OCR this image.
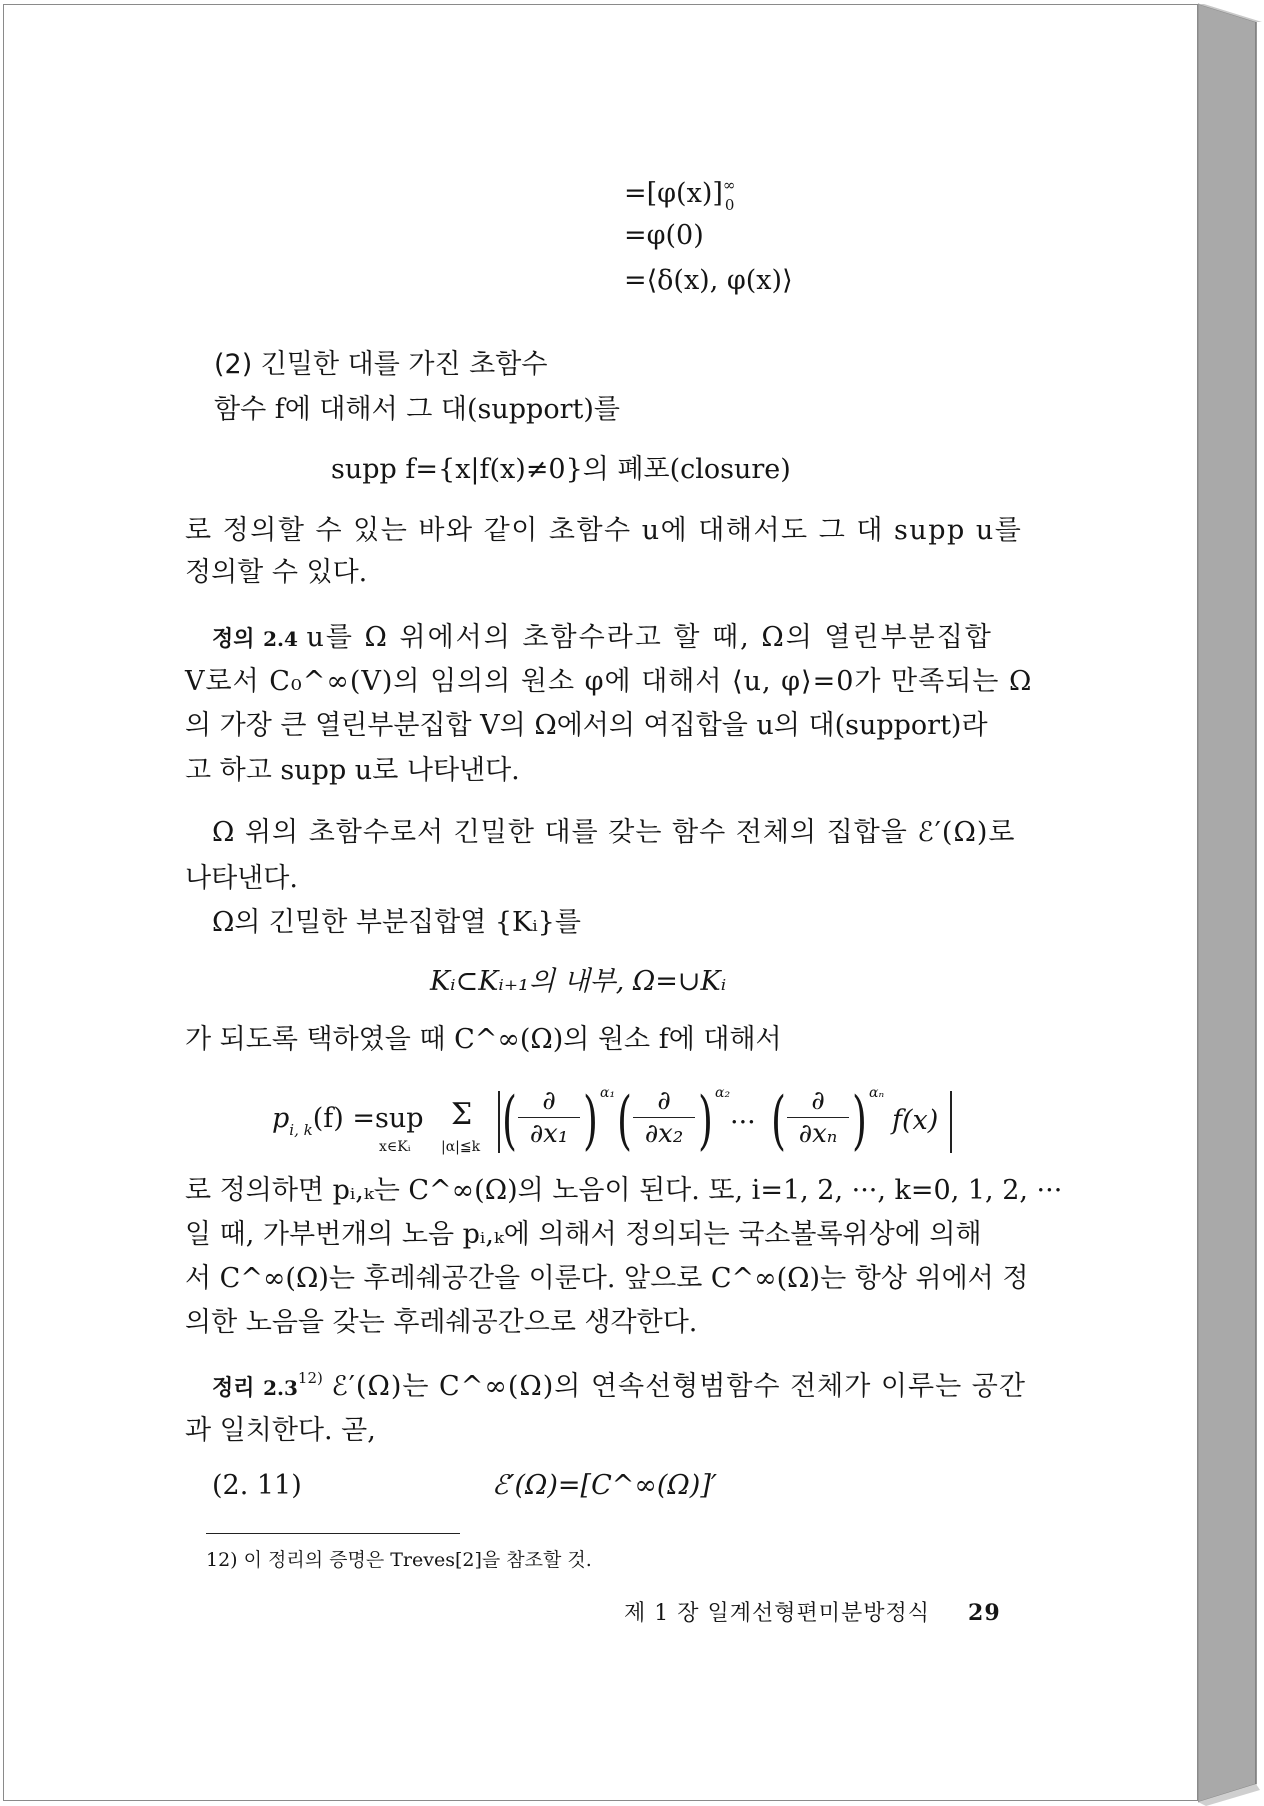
=[φ(x)] ∞
0
=φ(0)
=⟨δ(x), φ(x)⟩
(2) 긴밀한 대를 가진 초함수
함수 f에 대해서 그 대(support)를
supp f={x|f(x)≠0}의 폐포(closure)
로 정의할 수 있는 바와 같이 초함수 u에 대해서도 그 대 supp u를
정의할 수 있다.
정의 2.4 u를 Ω 위에서의 초함수라고 할 때, Ω의 열린부분집합
V로서 C₀^∞(V)의 임의의 원소 φ에 대해서 ⟨u, φ⟩=0가 만족되는 Ω
의 가장 큰 열린부분집합 V의 Ω에서의 여집합을 u의 대(support)라
고 하고 supp u로 나타낸다.
Ω 위의 초함수로서 긴밀한 대를 갖는 함수 전체의 집합을 ℰ′(Ω)로
나타낸다.
Ω의 긴밀한 부분집합열 {Kᵢ}를
Kᵢ⊂Kᵢ₊₁의 내부, Ω=∪Kᵢ
가 되도록 택하였을 때 C^∞(Ω)의 원소 f에 대해서
$p_{i, k}(f) =sup$
x∈Kᵢ
Σ
|α|≦k ( ∂
∂x₁ ) α₁ ( ∂
∂x₂ ) α₂
··· ( ∂
∂xₙ ) αₙ
f(x)
로 정의하면 pᵢ,ₖ는 C^∞(Ω)의 노음이 된다. 또, i=1, 2, ···, k=0, 1, 2, ···
일 때, 가부번개의 노음 pᵢ,ₖ에 의해서 정의되는 국소볼록위상에 의해
서 C^∞(Ω)는 후레쉐공간을 이룬다. 앞으로 C^∞(Ω)는 항상 위에서 정
의한 노음을 갖는 후레쉐공간으로 생각한다.
정리 2.3$^{12)}$ ℰ′(Ω)는 C^∞(Ω)의 연속선형범함수 전체가 이루는 공간
과 일치한다. 곧,
(2. 11)	ℰ′(Ω)=[C^∞(Ω)]′
12) 이 정리의 증명은 Treves[2]을 참조할 것.
제 1 장 일계선형편미분방정식 29
